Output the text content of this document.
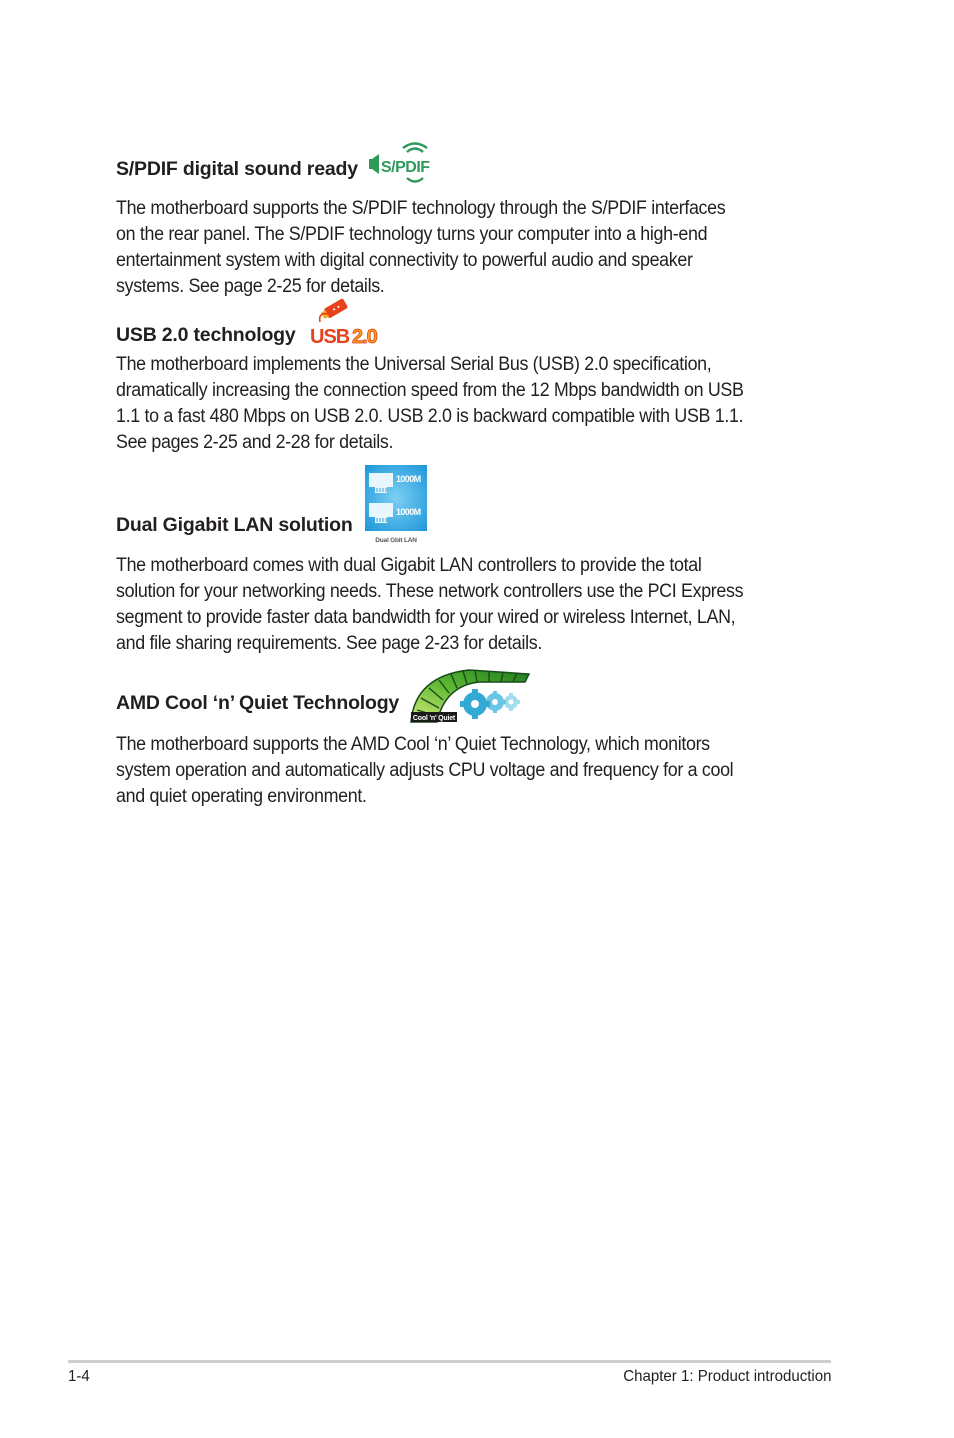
S/PDIF digital sound ready S/PDIF

The motherboard supports the S/PDIF technology through the S/PDIF interfaces

on the rear panel. The S/PDIF technology turns your computer into a high-end

entertainment system with digital connectivity to powerful audio and speaker

systems. See page 2-25 for details.

USB 2.0 technology USB 2.0

The motherboard implements the Universal Serial Bus (USB) 2.0 specification,

dramatically increasing the connection speed from the 12 Mbps bandwidth on USB

1.1 to a fast 480 Mbps on USB 2.0. USB 2.0 is backward compatible with USB 1.1.

See pages 2-25 and 2-28 for details.

Dual Gigabit LAN solution
1000M
1000M
Dual Gbit LAN

The motherboard comes with dual Gigabit LAN controllers to provide the total

solution for your networking needs. These network controllers use the PCI Express

segment to provide faster data bandwidth for your wired or wireless Internet, LAN,

and file sharing requirements. See page 2-23 for details.

AMD Cool ‘n’ Quiet Technology
Cool 'n' Quiet

The motherboard supports the AMD Cool ‘n’ Quiet Technology, which monitors

system operation and automatically adjusts CPU voltage and frequency for a cool

and quiet operating environment.

1-4	Chapter 1: Product introduction
